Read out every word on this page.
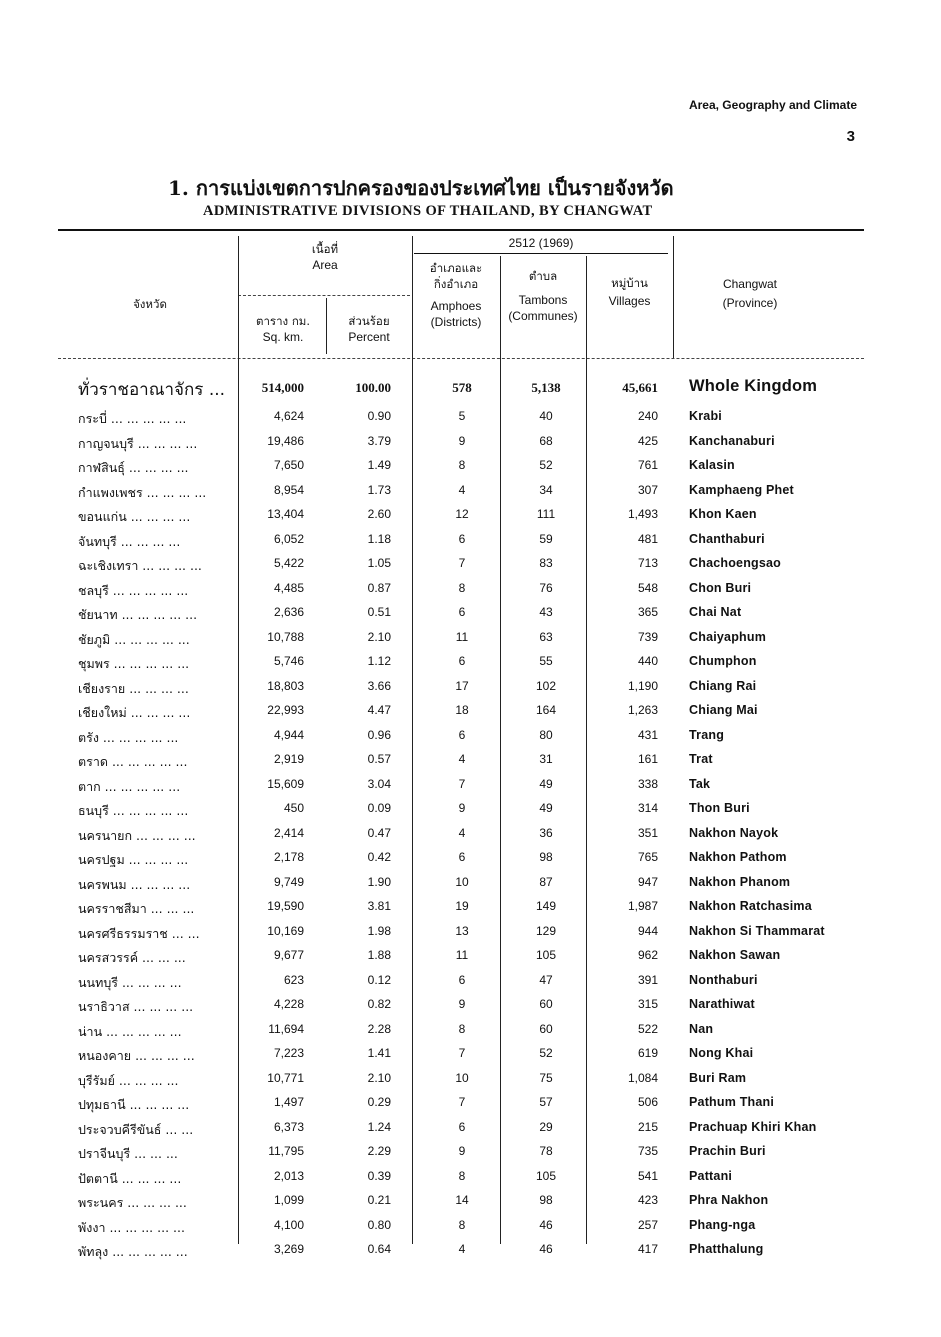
Area, Geography and Climate
3
1. การแบ่งเขตการปกครองของประเทศไทย เป็นรายจังหวัด
ADMINISTRATIVE DIVISIONS OF THAILAND, BY CHANGWAT
จังหวัด
เนื้อที่
Area
ตาราง กม.
Sq. km.
ส่วนร้อย
Percent
2512 (1969)
อำเภอและ
กิ่งอำเภอ
Amphoes
(Districts)
ตำบล
Tambons
(Communes)
หมู่บ้าน
Villages
Changwat
(Province)
ทั่วราชอาณาจักร ...	514,000	100.00	578	5,138	45,661 Whole Kingdom
กระบี่ ... ... ... ... ...	4,624	0.90	5	40	240 Krabi
กาญจนบุรี ... ... ... ...	19,486	3.79	9	68	425 Kanchanaburi
กาฬสินธุ์ ... ... ... ...	7,650	1.49	8	52	761 Kalasin
กำแพงเพชร ... ... ... ...	8,954	1.73	4	34	307 Kamphaeng Phet
ขอนแก่น ... ... ... ...	13,404	2.60	12	111	1,493 Khon Kaen
จันทบุรี ... ... ... ...	6,052	1.18	6	59	481 Chanthaburi
ฉะเชิงเทรา ... ... ... ...	5,422	1.05	7	83	713 Chachoengsao
ชลบุรี ... ... ... ... ...	4,485	0.87	8	76	548 Chon Buri
ชัยนาท ... ... ... ... ...	2,636	0.51	6	43	365 Chai Nat
ชัยภูมิ ... ... ... ... ...	10,788	2.10	11	63	739 Chaiyaphum
ชุมพร ... ... ... ... ...	5,746	1.12	6	55	440 Chumphon
เชียงราย ... ... ... ...	18,803	3.66	17	102	1,190 Chiang Rai
เชียงใหม่ ... ... ... ...	22,993	4.47	18	164	1,263 Chiang Mai
ตรัง ... ... ... ... ...	4,944	0.96	6	80	431 Trang
ตราด ... ... ... ... ...	2,919	0.57	4	31	161 Trat
ตาก ... ... ... ... ...	15,609	3.04	7	49	338 Tak
ธนบุรี ... ... ... ... ...	450	0.09	9	49	314 Thon Buri
นครนายก ... ... ... ...	2,414	0.47	4	36	351 Nakhon Nayok
นครปฐม ... ... ... ...	2,178	0.42	6	98	765 Nakhon Pathom
นครพนม ... ... ... ...	9,749	1.90	10	87	947 Nakhon Phanom
นครราชสีมา ... ... ...	19,590	3.81	19	149	1,987 Nakhon Ratchasima
นครศรีธรรมราช ... ...	10,169	1.98	13	129	944 Nakhon Si Thammarat
นครสวรรค์ ... ... ...	9,677	1.88	11	105	962 Nakhon Sawan
นนทบุรี ... ... ... ...	623	0.12	6	47	391 Nonthaburi
นราธิวาส ... ... ... ...	4,228	0.82	9	60	315 Narathiwat
น่าน ... ... ... ... ...	11,694	2.28	8	60	522 Nan
หนองคาย ... ... ... ...	7,223	1.41	7	52	619 Nong Khai
บุรีรัมย์ ... ... ... ...	10,771	2.10	10	75	1,084 Buri Ram
ปทุมธานี ... ... ... ...	1,497	0.29	7	57	506 Pathum Thani
ประจวบคีรีขันธ์ ... ...	6,373	1.24	6	29	215 Prachuap Khiri Khan
ปราจีนบุรี ... ... ...	11,795	2.29	9	78	735 Prachin Buri
ปัตตานี ... ... ... ...	2,013	0.39	8	105	541 Pattani
พระนคร ... ... ... ...	1,099	0.21	14	98	423 Phra Nakhon
พังงา ... ... ... ... ...	4,100	0.80	8	46	257 Phang-nga
พัทลุง ... ... ... ... ...	3,269	0.64	4	46	417 Phatthalung
